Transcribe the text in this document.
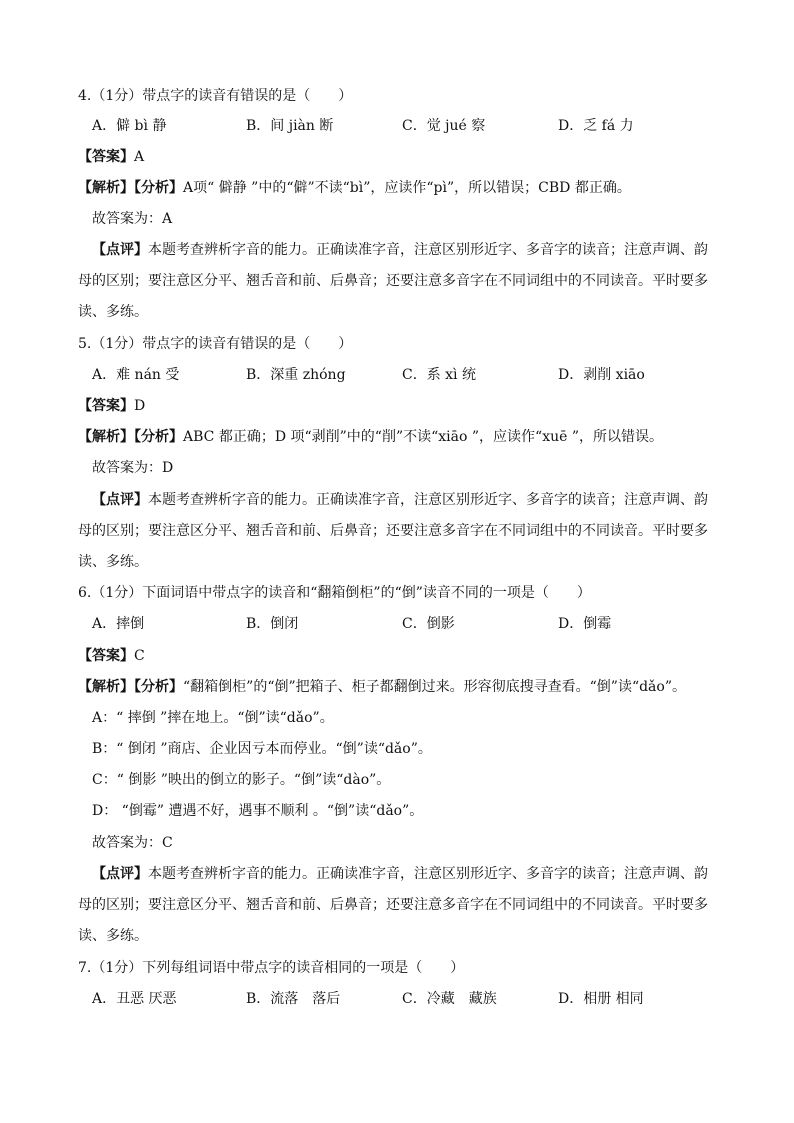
4.（1分）带点字的读音有错误的是（　　）
A．僻 bì 静	B．间 jiàn 断	C．觉 jué 察	D．乏 fá 力
【答案】A
【解析】【分析】A项“ 僻静 ”中的“僻”不读“bì”，应读作“pì”，所以错误；CBD 都正确。
故答案为：A
【点评】本题考查辨析字音的能力。正确读准字音，注意区别形近字、多音字的读音；注意声调、韵
母的区别；要注意区分平、翘舌音和前、后鼻音；还要注意多音字在不同词组中的不同读音。平时要多
读、多练。
5.（1分）带点字的读音有错误的是（　　）
A．难 nán 受	B．深重 zhóng	C．系 xì 统	D．剥削 xiāo
【答案】D
【解析】【分析】ABC 都正确；D 项“剥削”中的“削”不读“xiāo ”，应读作“xuē ”，所以错误。
故答案为：D
【点评】本题考查辨析字音的能力。正确读准字音，注意区别形近字、多音字的读音；注意声调、韵
母的区别；要注意区分平、翘舌音和前、后鼻音；还要注意多音字在不同词组中的不同读音。平时要多
读、多练。
6.（1分）下面词语中带点字的读音和“翻箱倒柜”的“倒”读音不同的一项是（　　）
A．摔倒	B．倒闭	C．倒影	D．倒霉
【答案】C
【解析】【分析】“翻箱倒柜”的“倒”把箱子、柜子都翻倒过来。形容彻底搜寻查看。“倒”读“dǎo”。
A：“ 摔倒 ”摔在地上。“倒”读“dǎo”。
B：“ 倒闭 ”商店、企业因亏本而停业。“倒”读“dǎo”。
C：“ 倒影 ”映出的倒立的影子。“倒”读“dào”。
D： “倒霉” 遭遇不好，遇事不顺利 。“倒”读“dǎo”。
故答案为：C
【点评】本题考查辨析字音的能力。正确读准字音，注意区别形近字、多音字的读音；注意声调、韵
母的区别；要注意区分平、翘舌音和前、后鼻音；还要注意多音字在不同词组中的不同读音。平时要多
读、多练。
7.（1分）下列每组词语中带点字的读音相同的一项是（　　）
A．丑恶 厌恶	B．流落　落后	C．冷藏　藏族	D．相册 相同
